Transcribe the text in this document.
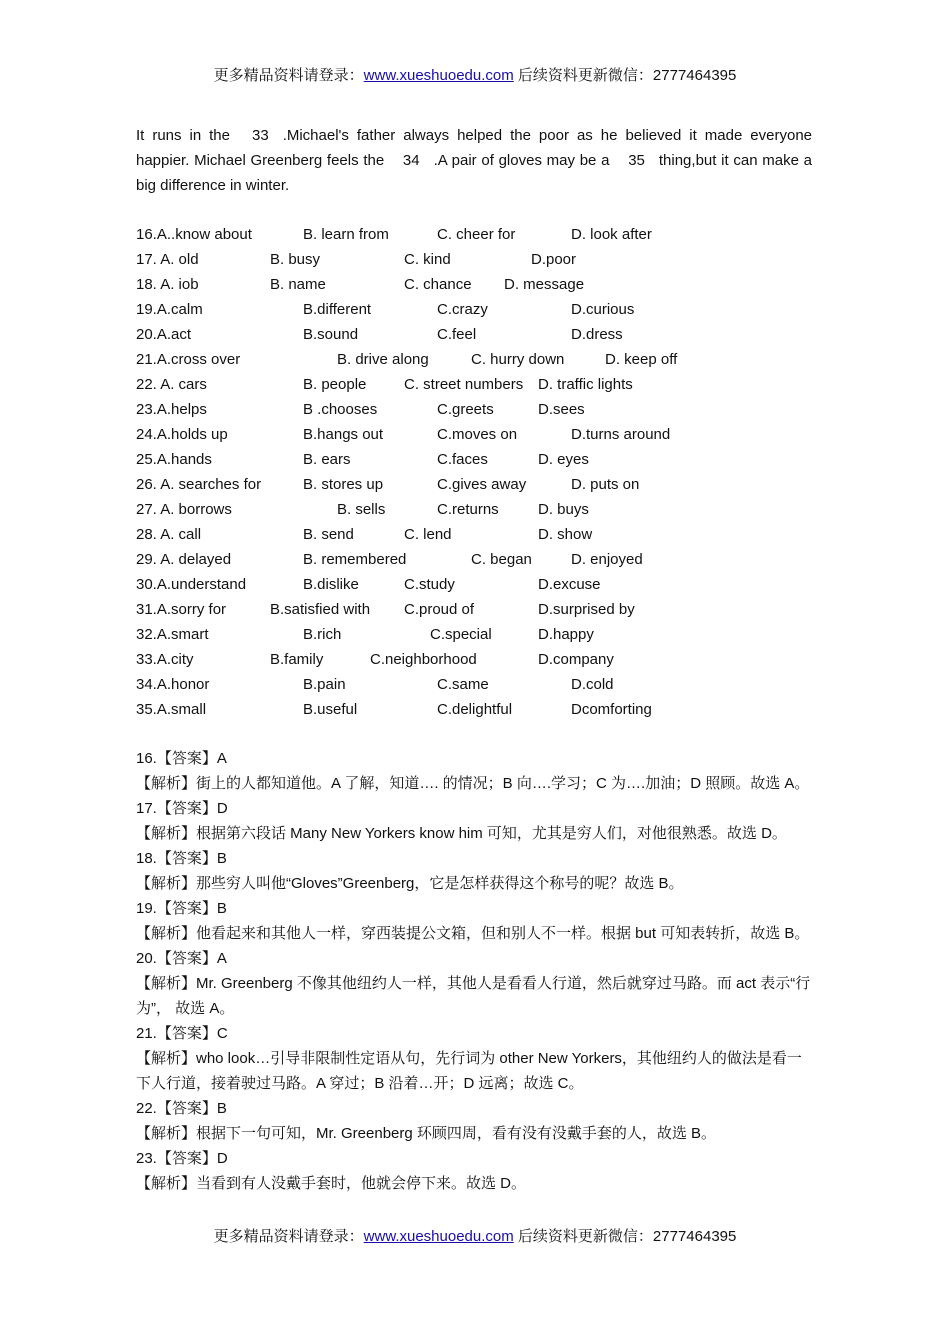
更多精品资料请登录：www.xueshuoedu.com 后续资料更新微信：2777464395

It runs in the 33 .Michael's father always helped the poor as he believed it made everyone happier. Michael Greenberg feels the 34 .A pair of gloves may be a 35 thing,but it can make a big difference in winter.

16.A..know about	B. learn from	C. cheer for	D. look after
17. A. old	B. busy	C. kind	D.poor
18. A. iob	B. name	C. chance D. message
19.A.calm	B.different	C.crazy	D.curious
20.A.act	B.sound	C.feel	D.dress
21.A.cross over	B. drive along	C. hurry down	D. keep off
22. A. cars	B. people	C. street numbers D. traffic lights
23.A.helps	B .chooses	C.greets	D.sees
24.A.holds up	B.hangs out	C.moves on	D.turns around
25.A.hands	B. ears	C.faces	D. eyes
26. A. searches for	B. stores up	C.gives away	D. puts on
27. A. borrows	B. sells	C.returns	D. buys
28. A. call	B. send	C. lend	D. show
29. A. delayed	B. remembered	C. began	D. enjoyed
30.A.understand	B.dislike	C.study	D.excuse
31.A.sorry for	B.satisfied with C.proud of	D.surprised by
32.A.smart	B.rich	C.special	D.happy
33.A.city	B.family	C.neighborhood	D.company
34.A.honor	B.pain	C.same	D.cold
35.A.small	B.useful	C.delightful	Dcomforting

16.【答案】A

【解析】街上的人都知道他。A 了解，知道…. 的情况；B 向….学习；C 为….加油；D 照顾。故选 A。

17.【答案】D

【解析】根据第六段话 Many New Yorkers know him 可知，尤其是穷人们，对他很熟悉。故选 D。

18.【答案】B

【解析】那些穷人叫他“Gloves”Greenberg，它是怎样获得这个称号的呢？故选 B。

19.【答案】B

【解析】他看起来和其他人一样，穿西装提公文箱，但和别人不一样。根据 but 可知表转折，故选 B。

20.【答案】A

【解析】Mr. Greenberg 不像其他纽约人一样，其他人是看看人行道，然后就穿过马路。而 act 表示“行为”， 故选 A。

21.【答案】C

【解析】who look…引导非限制性定语从句，先行词为 other New Yorkers，其他纽约人的做法是看一下人行道，接着驶过马路。A 穿过；B 沿着…开；D 远离；故选 C。

22.【答案】B

【解析】根据下一句可知，Mr. Greenberg 环顾四周，看有没有没戴手套的人，故选 B。

23.【答案】D

【解析】当看到有人没戴手套时，他就会停下来。故选 D。

更多精品资料请登录：www.xueshuoedu.com 后续资料更新微信：2777464395
